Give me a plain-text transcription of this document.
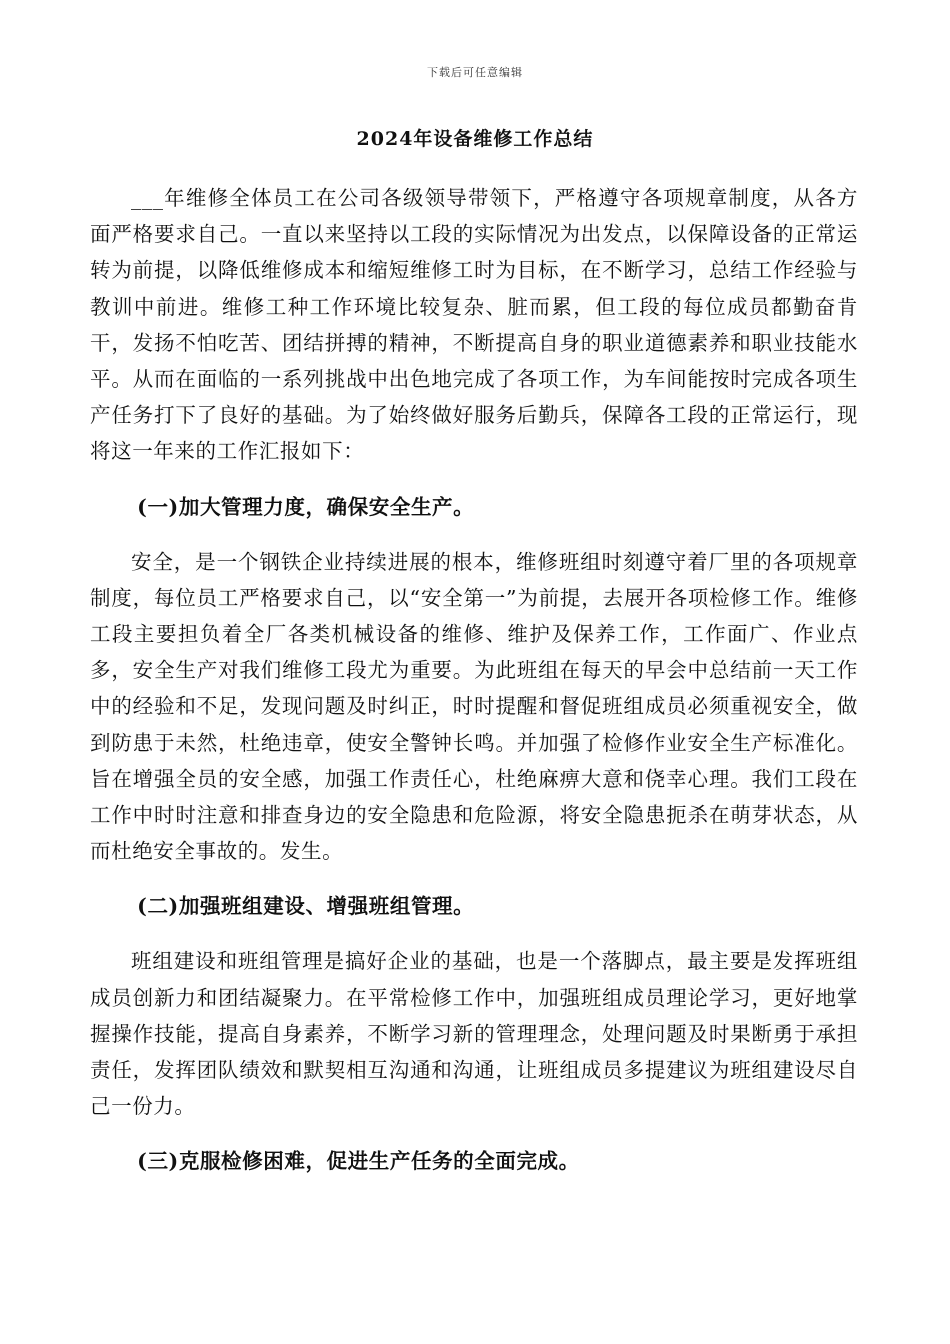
下载后可任意编辑
2024年设备维修工作总结

___年维修全体员工在公司各级领导带领下，严格遵守各项规章制度，从各方面严格要求自己。一直以来坚持以工段的实际情况为出发点，以保障设备的正常运转为前提，以降低维修成本和缩短维修工时为目标，在不断学习，总结工作经验与教训中前进。维修工种工作环境比较复杂、脏而累，但工段的每位成员都勤奋肯干，发扬不怕吃苦、团结拼搏的精神，不断提高自身的职业道德素养和职业技能水平。从而在面临的一系列挑战中出色地完成了各项工作，为车间能按时完成各项生产任务打下了良好的基础。为了始终做好服务后勤兵，保障各工段的正常运行，现将这一年来的工作汇报如下：

(一)加大管理力度，确保安全生产。

安全，是一个钢铁企业持续进展的根本，维修班组时刻遵守着厂里的各项规章制度，每位员工严格要求自己，以“安全第一”为前提，去展开各项检修工作。维修工段主要担负着全厂各类机械设备的维修、维护及保养工作，工作面广、作业点多，安全生产对我们维修工段尤为重要。为此班组在每天的早会中总结前一天工作中的经验和不足，发现问题及时纠正，时时提醒和督促班组成员必须重视安全，做到防患于未然，杜绝违章，使安全警钟长鸣。并加强了检修作业安全生产标准化。旨在增强全员的安全感，加强工作责任心，杜绝麻痹大意和侥幸心理。我们工段在工作中时时注意和排查身边的安全隐患和危险源，将安全隐患扼杀在萌芽状态，从而杜绝安全事故的。发生。

(二)加强班组建设、增强班组管理。

班组建设和班组管理是搞好企业的基础，也是一个落脚点，最主要是发挥班组成员创新力和团结凝聚力。在平常检修工作中，加强班组成员理论学习，更好地掌握操作技能，提高自身素养，不断学习新的管理理念，处理问题及时果断勇于承担责任，发挥团队绩效和默契相互沟通和沟通，让班组成员多提建议为班组建设尽自己一份力。

(三)克服检修困难，促进生产任务的全面完成。
